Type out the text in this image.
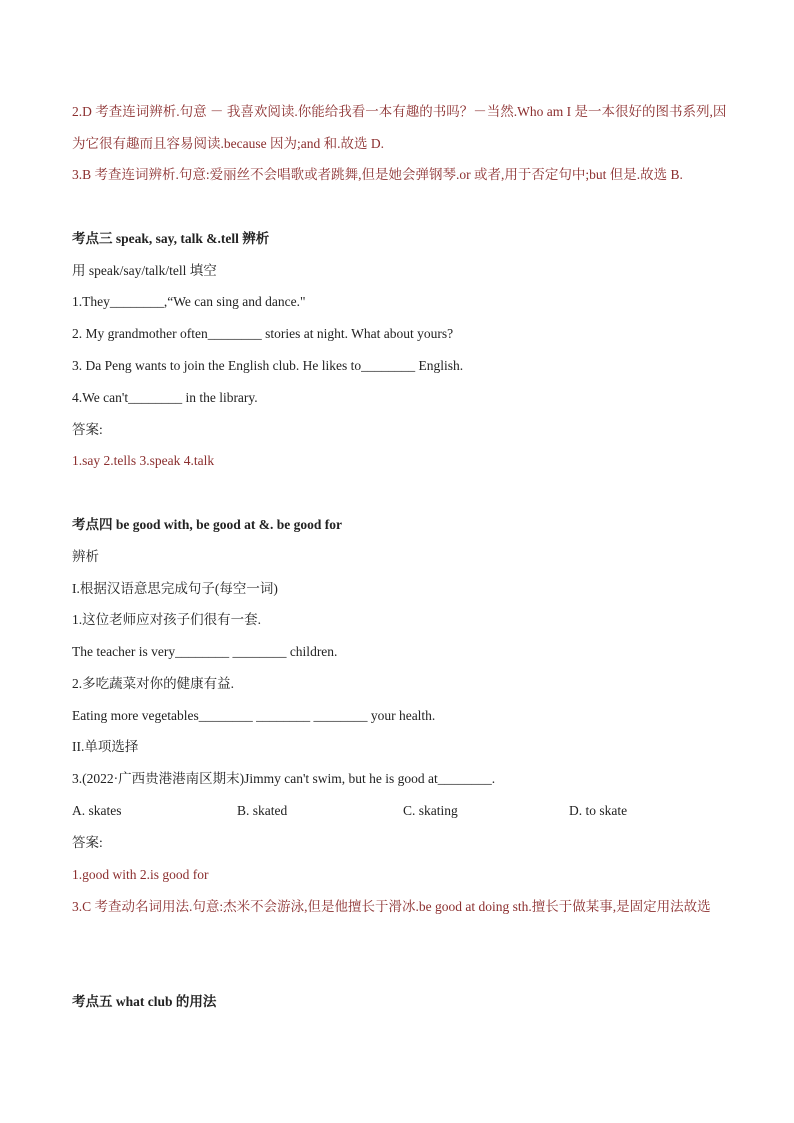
2.D 考查连词辨析.句意 － 我喜欢阅读.你能给我看一本有趣的书吗？－当然.Who am I 是一本很好的图书系列,因为它很有趣而且容易阅读.because 因为;and 和.故选 D.
3.B 考查连词辨析.句意:爱丽丝不会唱歌或者跳舞,但是她会弹钢琴.or 或者,用于否定句中;but 但是.故选 B.
考点三 speak, say, talk &.tell 辨析
用 speak/say/talk/tell 填空
1.They________,“We can sing and dance."
2. My grandmother often________ stories at night. What about yours?
3. Da Peng wants to join the English club. He likes to________ English.
4.We can't________ in the library.
答案:
1.say 2.tells 3.speak 4.talk
考点四 be good with, be good at &. be good for
辨析
I.根据汉语意思完成句子(每空一词)
1.这位老师应对孩子们很有一套.
The teacher is very________ ________ children.
2.多吃蔬菜对你的健康有益.
Eating more vegetables________ ________ ________ your health.
II.单项选择
3.(2022·广西贵港港南区期末)Jimmy can't swim, but he is good at________.
A. skates	B. skated	C. skating	D. to skate
答案:
1.good with 2.is good for
3.C 考查动名词用法.句意:杰米不会游泳,但是他擅长于滑冰.be good at doing sth.擅长于做某事,是固定用法故选
考点五 what club 的用法
